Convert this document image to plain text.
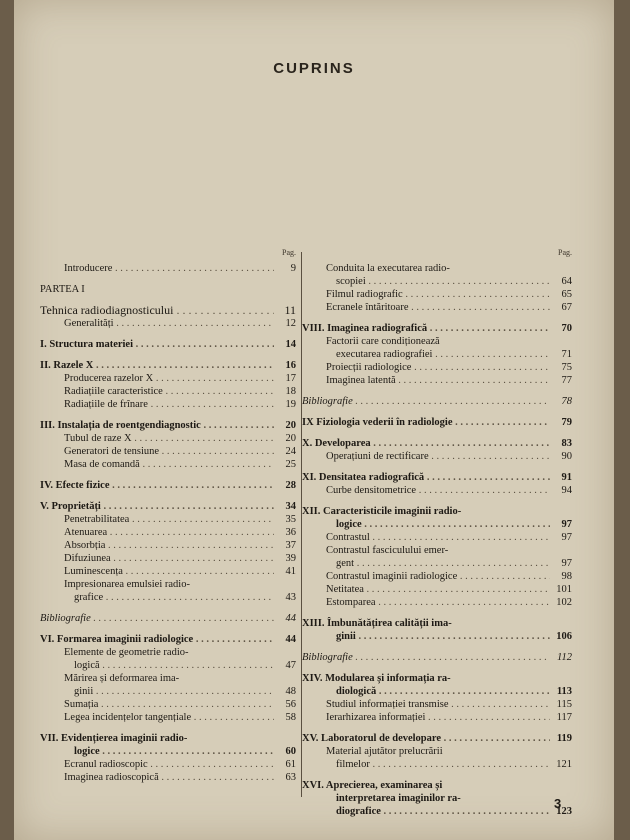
CUPRINS
Pag.
Introducere . . .	9
PARTEA I
Tehnica radiodiagnosticului . . .	11
Generalități . . .	12
I. Structura materiei . . .	14
II. Razele X . . .	16
Producerea razelor X . . .	17
Radiațiile caracteristice . . .	18
Radiațiile de frînare . . .	19
III. Instalația de roentgendiagnostic . . .	20
Tubul de raze X . . .	20
Generatori de tensiune . . .	24
Masa de comandă . . .	25
IV. Efecte fizice . . .	28
V. Proprietăți . . .	34
Penetrabilitatea . . .	35
Atenuarea . . .	36
Absorbția . . .	37
Difuziunea . . .	39
Luminescența . . .	41
Impresionarea emulsiei radio-
grafice . . .	43
Bibliografie . . .	44
VI. Formarea imaginii radiologice . . .	44
Elemente de geometrie radio-
logică . . .	47
Mărirea și deformarea ima-
ginii . . .	48
Sumația . . .	56
Legea incidențelor tangențiale . . .	58
VII. Evidențierea imaginii radio-
logice . . .	60
Ecranul radioscopic . . .	61
Imaginea radioscopică . . .	63
Pag.
Conduita la executarea radio-
scopiei . . .	64
Filmul radiografic . . .	65
Ecranele întăritoare . . .	67
VIII. Imaginea radiografică . . .	70
Factorii care condiționează
executarea radiografiei . . .	71
Proiecții radiologice . . .	75
Imaginea latentă . . .	77
Bibliografie . . .	78
IX Fiziologia vederii în radiologie . . .	79
X. Developarea . . .	83
Operațiuni de rectificare . . .	90
XI. Densitatea radiografică . . .	91
Curbe densitometrice . . .	94
XII. Caracteristicile imaginii radio-
logice . . .	97
Contrastul . . .	97
Contrastul fasciculului emer-
gent . . .	97
Contrastul imaginii radiologice . . .	98
Netitatea . . .	101
Estomparea . . .	102
XIII. Îmbunătățirea calității ima-
ginii . . .	106
Bibliografie . . .	112
XIV. Modularea și informația ra-
diologică . . .	113
Studiul informației transmise . . .	115
Ierarhizarea informației . . .	117
XV. Laboratorul de developare . . .	119
Material ajutător prelucrării
filmelor . . .	121
XVI. Aprecierea, examinarea și
interpretarea imaginilor ra-
diografice . . .	123
3
